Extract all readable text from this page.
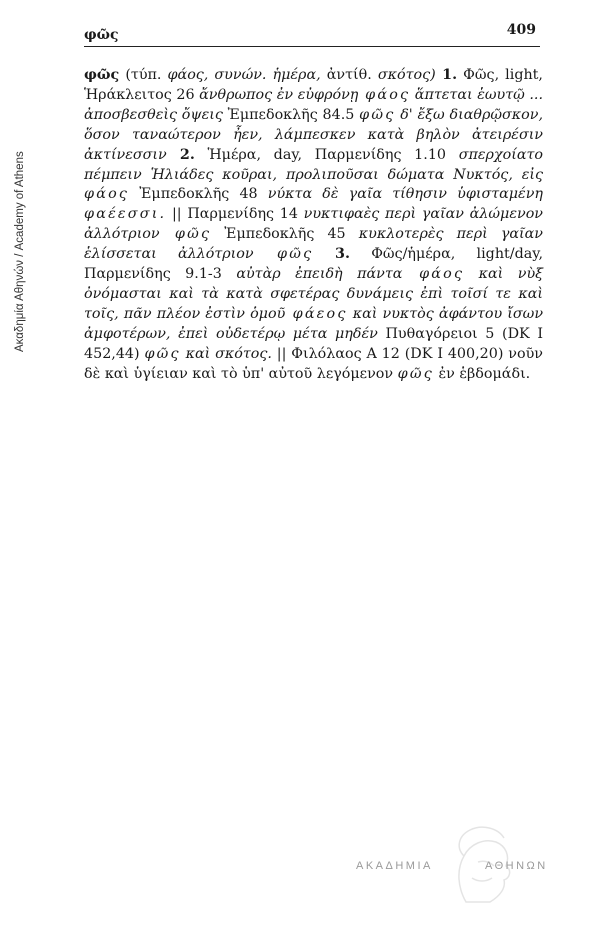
Ακαδημία Αθηνών / Academy of Athens
φῶς	409
φῶς (τύπ. φάος, συνών. ἡμέρα, ἀντίθ. σκότος) 1. Φῶς, light, Ἡράκλειτος 26 ἄνθρωπος ἐν εὐφρόνῃ φάος ἅπτεται ἑωυτῷ ... ἀποσβεσθεὶς ὄψεις Ἐμπεδοκλῆς 84.5 φῶς δ' ἔξω διαθρῷσκον, ὅσον ταναώτερον ἦεν, λάμπεσκεν κατὰ βηλὸν ἀτειρέσιν ἀκτίνεσσιν 2. Ἡμέρα, day, Παρμενίδης 1.10 σπερχοίατο πέμπειν Ἡλιάδες κοῦραι, προλιποῦσαι δώματα Νυκτός, εἰς φάος Ἐμπεδοκλῆς 48 νύκτα δὲ γαῖα τίθησιν ὑφισταμένη φαέεσσι. || Παρμενίδης 14 νυκτιφαὲς περὶ γαῖαν ἀλώμενον ἀλλότριον φῶς Ἐμπεδοκλῆς 45 κυκλοτερὲς περὶ γαῖαν ἑλίσσεται ἀλλότριον φῶς 3. Φῶς/ἡμέρα, light/day, Παρμενίδης 9.1-3 αὐτὰρ ἐπειδὴ πάντα φάος καὶ νὺξ ὀνόμασται καὶ τὰ κατὰ σφετέρας δυνάμεις ἐπὶ τοῖσί τε καὶ τοῖς, πᾶν πλέον ἐστὶν ὁμοῦ φάεος καὶ νυκτὸς ἀφάντου ἴσων ἀμφοτέρων, ἐπεὶ οὐδετέρῳ μέτα μηδέν Πυθαγόρειοι 5 (DK I 452,44) φῶς καὶ σκότος. || Φιλόλαος A 12 (DK I 400,20) νοῦν δὲ καὶ ὑγίειαν καὶ τὸ ὑπ' αὐτοῦ λεγόμενον φῶς ἐν ἑβδομάδι.
ΑΚΑΔΗΜΙΑ	ΑΘΗΝΩΝ
